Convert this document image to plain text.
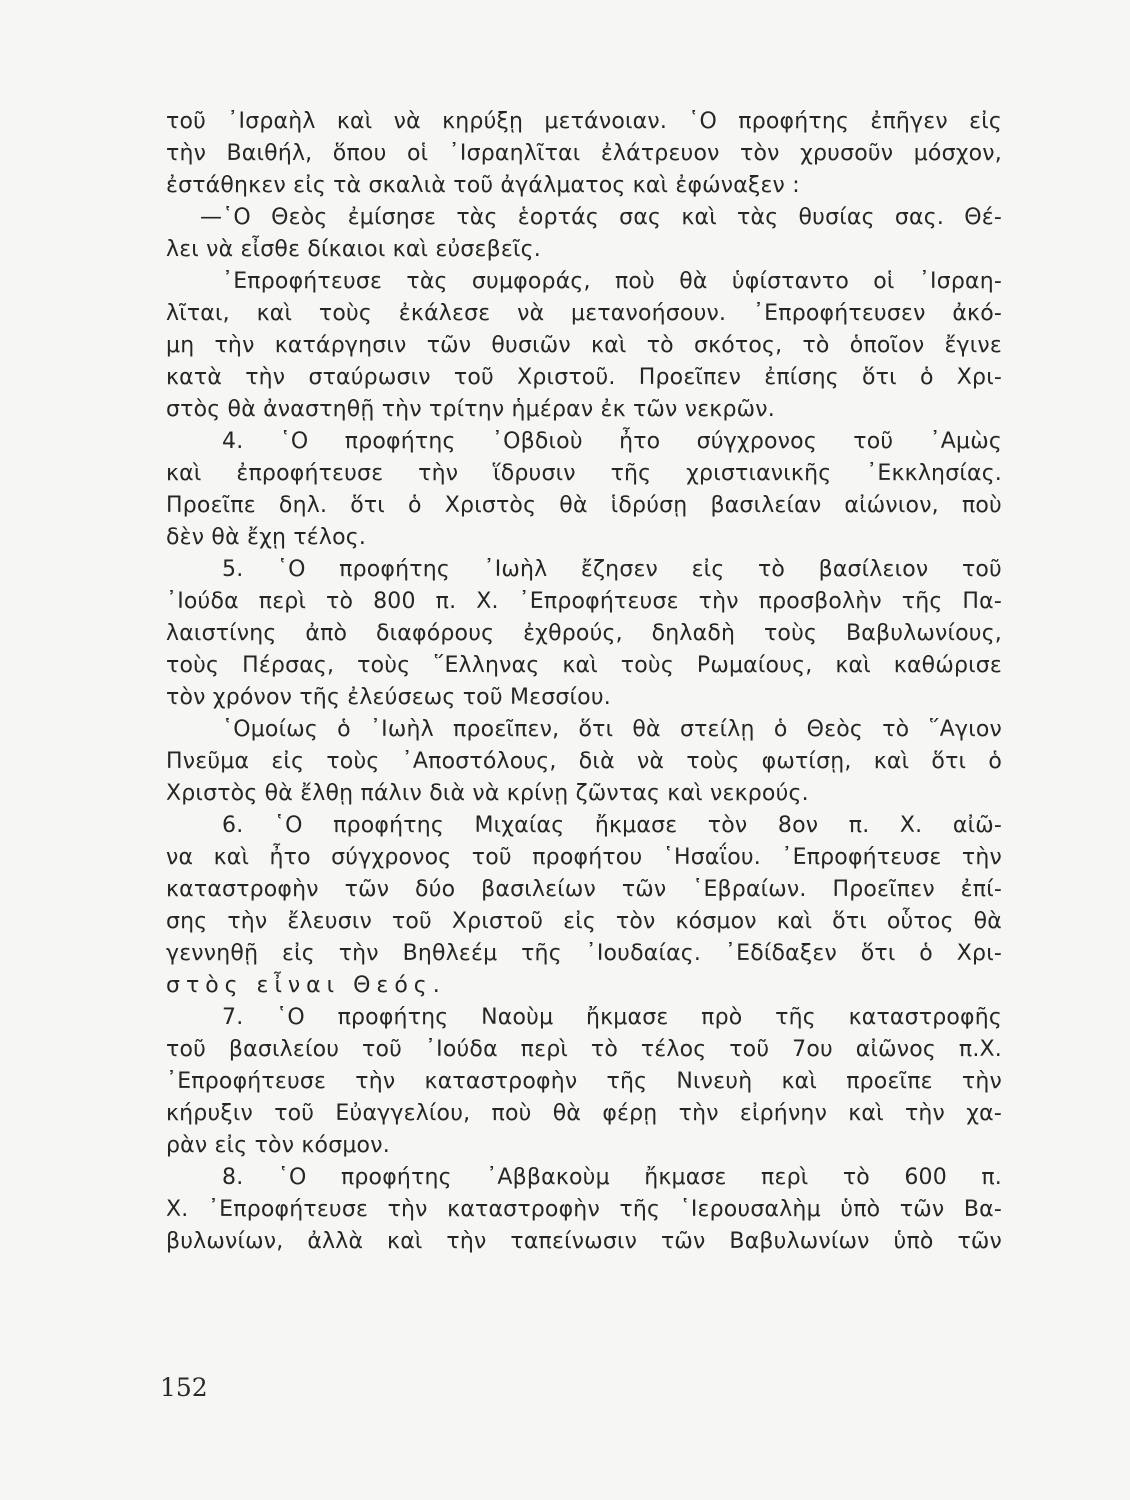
τοῦ ᾿Ισραὴλ καὶ νὰ κηρύξῃ μετάνοιαν. ῾Ο προφήτης ἐπῆγεν εἰς
τὴν Βαιθήλ, ὅπου οἱ ᾿Ισραηλῖται ἐλάτρευον τὸν χρυσοῦν μόσχον,
ἐστάθηκεν εἰς τὰ σκαλιὰ τοῦ ἀγάλματος καὶ ἐφώναξεν :
—῾Ο Θεὸς ἐμίσησε τὰς ἑορτάς σας καὶ τὰς θυσίας σας. Θέ-
λει νὰ εἶσθε δίκαιοι καὶ εὐσεβεῖς.
᾿Επροφήτευσε τὰς συμφοράς, ποὺ θὰ ὑφίσταντο οἱ ᾿Ισραη-
λῖται, καὶ τοὺς ἐκάλεσε νὰ μετανοήσουν. ᾿Επροφήτευσεν ἀκό-
μη τὴν κατάργησιν τῶν θυσιῶν καὶ τὸ σκότος, τὸ ὁποῖον ἔγινε
κατὰ τὴν σταύρωσιν τοῦ Χριστοῦ. Προεῖπεν ἐπίσης ὅτι ὁ Χρι-
στὸς θὰ ἀναστηθῇ τὴν τρίτην ἡμέραν ἐκ τῶν νεκρῶν.
4. ῾Ο προφήτης ᾿Οβδιοὺ ἦτο σύγχρονος τοῦ ᾿Αμὼς
καὶ ἐπροφήτευσε τὴν ἵδρυσιν τῆς χριστιανικῆς ᾿Εκκλησίας.
Προεῖπε δηλ. ὅτι ὁ Χριστὸς θὰ ἱδρύσῃ βασιλείαν αἰώνιον, ποὺ
δὲν θὰ ἔχῃ τέλος.
5. ῾Ο προφήτης ᾿Ιωὴλ ἔζησεν εἰς τὸ βασίλειον τοῦ
᾿Ιούδα περὶ τὸ 800 π. Χ. ᾿Επροφήτευσε τὴν προσβολὴν τῆς Πα-
λαιστίνης ἀπὸ διαφόρους ἐχθρούς, δηλαδὴ τοὺς Βαβυλωνίους,
τοὺς Πέρσας, τοὺς ῞Ελληνας καὶ τοὺς Ρωμαίους, καὶ καθώρισε
τὸν χρόνον τῆς ἐλεύσεως τοῦ Μεσσίου.
῾Ομοίως ὁ ᾿Ιωὴλ προεῖπεν, ὅτι θὰ στείλῃ ὁ Θεὸς τὸ ῞Αγιον
Πνεῦμα εἰς τοὺς ᾿Αποστόλους, διὰ νὰ τοὺς φωτίσῃ, καὶ ὅτι ὁ
Χριστὸς θὰ ἔλθῃ πάλιν διὰ νὰ κρίνῃ ζῶντας καὶ νεκρούς.
6. ῾Ο προφήτης Μιχαίας ἤκμασε τὸν 8ον π. Χ. αἰῶ-
να καὶ ἦτο σύγχρονος τοῦ προφήτου ῾Ησαΐου. ᾿Επροφήτευσε τὴν
καταστροφὴν τῶν δύο βασιλείων τῶν ῾Εβραίων. Προεῖπεν ἐπί-
σης τὴν ἔλευσιν τοῦ Χριστοῦ εἰς τὸν κόσμον καὶ ὅτι οὗτος θὰ
γεννηθῇ εἰς τὴν Βηθλεέμ τῆς ᾿Ιουδαίας. ᾿Εδίδαξεν ὅτι ὁ Χρι-
στὸς εἶναι Θεός.
7. ῾Ο προφήτης Ναοὺμ ἤκμασε πρὸ τῆς καταστροφῆς
τοῦ βασιλείου τοῦ ᾿Ιούδα περὶ τὸ τέλος τοῦ 7ου αἰῶνος π.Χ.
᾿Επροφήτευσε τὴν καταστροφὴν τῆς Νινευὴ καὶ προεῖπε τὴν
κήρυξιν τοῦ Εὐαγγελίου, ποὺ θὰ φέρῃ τὴν εἰρήνην καὶ τὴν χα-
ρὰν εἰς τὸν κόσμον.
8. ῾Ο προφήτης ᾿Αββακοὺμ ἤκμασε περὶ τὸ 600 π.
Χ. ᾿Επροφήτευσε τὴν καταστροφὴν τῆς ῾Ιερουσαλὴμ ὑπὸ τῶν Βα-
βυλωνίων, ἀλλὰ καὶ τὴν ταπείνωσιν τῶν Βαβυλωνίων ὑπὸ τῶν
152
